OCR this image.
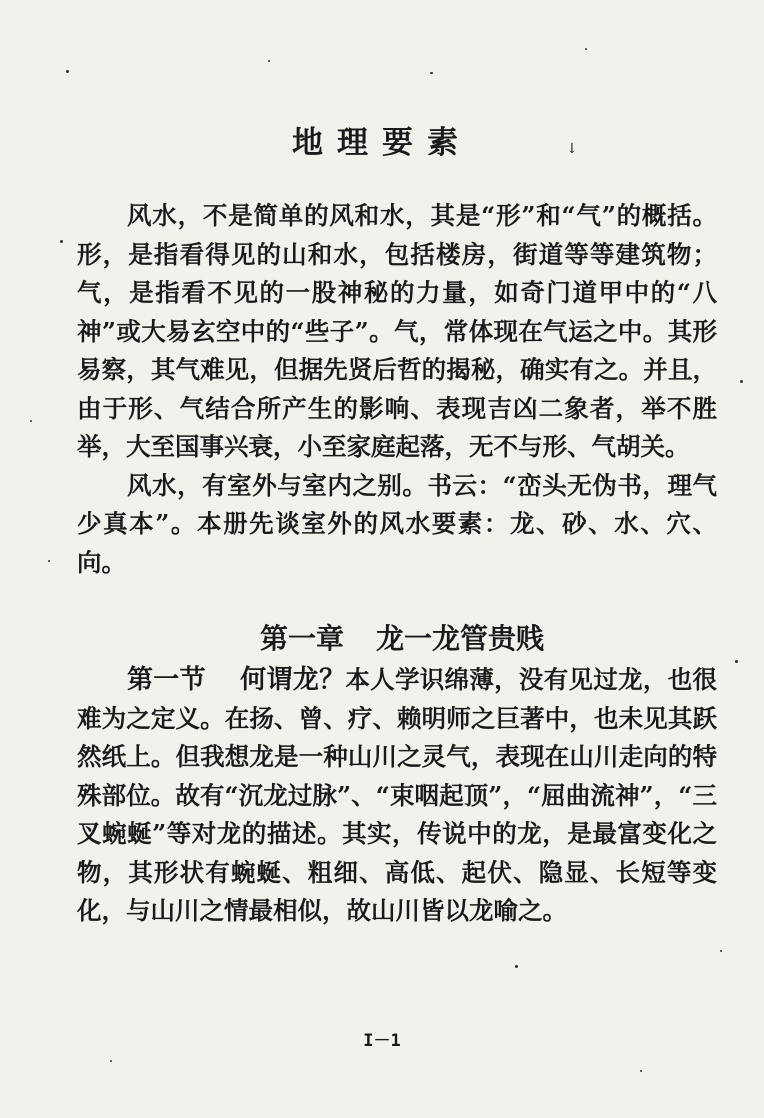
地理要素	↓

风水，不是简单的风和水，其是“形”和“气”的概括。形，是指看得见的山和水，包括楼房，街道等等建筑物；气，是指看不见的一股神秘的力量，如奇门道甲中的“八神”或大易玄空中的“些子”。气，常体现在气运之中。其形易察，其气难见，但据先贤后哲的揭秘，确实有之。并且，由于形、气结合所产生的影响、表现吉凶二象者，举不胜举，大至国事兴衰，小至家庭起落，无不与形、气胡关。

风水，有室外与室内之别。书云：“峦头无伪书，理气少真本”。本册先谈室外的风水要素：龙、砂、水、穴、向。

第一章 龙一龙管贵贱
第一节 何谓龙？本人学识绵薄，没有见过龙，也很难为之定义。在扬、曾、疗、赖明师之巨著中，也未见其跃然纸上。但我想龙是一种山川之灵气，表现在山川走向的特殊部位。故有“沉龙过脉”、“束咽起顶”，“屈曲流神”，“三叉蜿蜒”等对龙的描述。其实，传说中的龙，是最富变化之物，其形状有蜿蜒、粗细、高低、起伏、隐显、长短等变化，与山川之情最相似，故山川皆以龙喻之。
I－1
